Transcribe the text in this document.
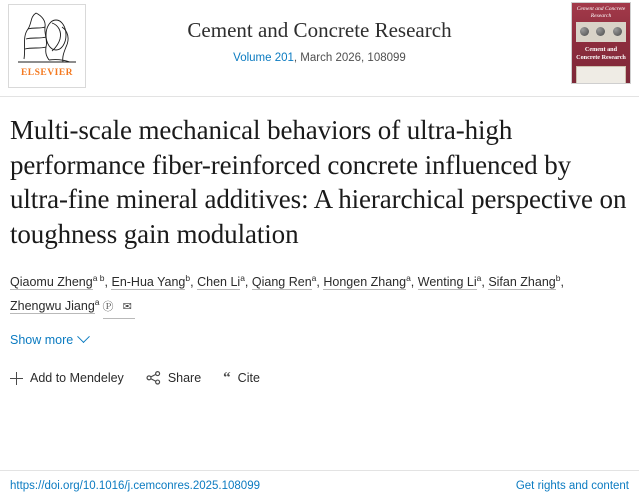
ELSEVIER
Cement and Concrete Research
Volume 201, March 2026, 108099
Cement and Concrete Research
Cement and Concrete Research
Multi-scale mechanical behaviors of ultra-high performance fiber-reinforced concrete influenced by ultra-fine mineral additives: A hierarchical perspective on toughness gain modulation
Qiaomu Zheng$^{a b}$, En-Hua Yang$^b$, Chen Li$^a$, Qiang Ren$^a$, Hongen Zhang$^a$, Wenting Li$^a$, Sifan Zhang$^b$, Zhengwu Jiang$^a$ Ⓟ ✉
Show more
Add to Mendeley	Share “ Cite
https://doi.org/10.1016/j.cemconres.2025.108099	Get rights and content
